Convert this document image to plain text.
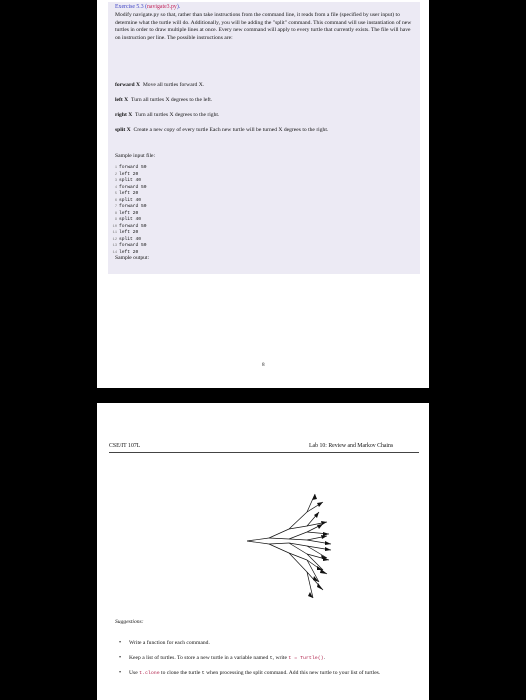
Exercise 5.3 (navigate3.py).

Modify navigate.py so that, rather than take instructions from the command line, it reads from a file (specified by user input) to determine what the turtle will do. Additionally, you will be adding the "split" command. This command will use instantiation of new turtles in order to draw multiple lines at once. Every new command will apply to every turtle that currently exists. The file will have on instruction per line. The possible instructions are:

forward X Move all turtles forward X.

left X Turn all turtles X degrees to the left.

right X Turn all turtles X degrees to the right.

split X Create a new copy of every turtle Each new turtle will be turned X degrees to the right.

Sample input file:

1 forward 50
2 left 20
3 split 40
4 forward 50
5 left 20
6 split 40
7 forward 50
8 left 20
9 split 40
10 forward 50
11 left 20
12 split 40
13 forward 50
14 left 20

Sample output:

8

CSE/IT 107L	Lab 10: Review and Markov Chains

Suggestions:

• Write a function for each command.

• Keep a list of turtles. To store a new turtle in a variable named t, write t = Turtle().

• Use t.clone to clone the turtle t when processing the split command. Add this new turtle to your list of turtles.
